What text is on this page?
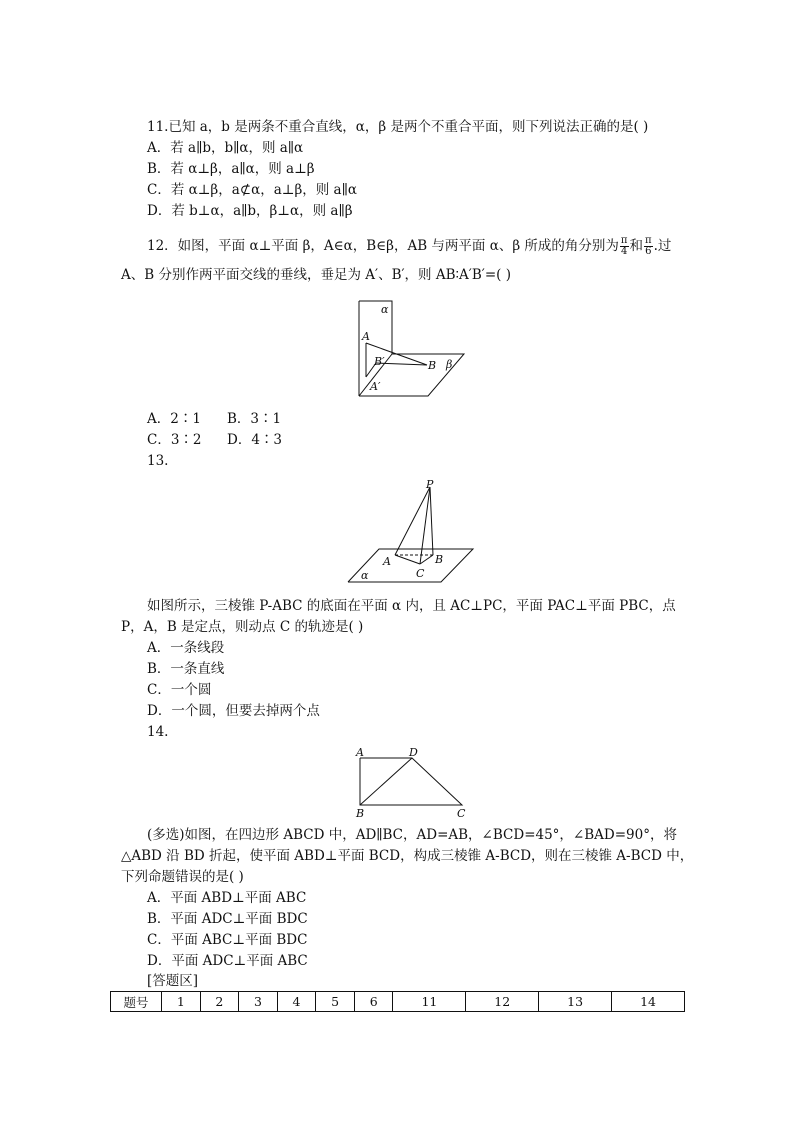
11.已知 a，b 是两条不重合直线，α，β 是两个不重合平面，则下列说法正确的是( )
A．若 a∥b，b∥α，则 a∥α
B．若 α⊥β，a∥α，则 a⊥β
C．若 α⊥β，a⊄α，a⊥β，则 a∥α
D．若 b⊥α，a∥b，β⊥α，则 a∥β
12．如图，平面 α⊥平面 β，A∈α，B∈β，AB 与两平面 α、β 所成的角分别为 $\frac{\pi}{4}$ 和 $\frac{\pi}{6}$ .过
A、B 分别作两平面交线的垂线，垂足为 A′、B′，则 AB∶A′B′=( )
α
A
B′	B β
A′
A．2∶1 B．3∶1
C．3∶2 D．4∶3
13.
P
A	B
C
α
如图所示，三棱锥 P-ABC 的底面在平面 α 内，且 AC⊥PC，平面 PAC⊥平面 PBC，点
P，A，B 是定点，则动点 C 的轨迹是( )
A．一条线段
B．一条直线
C．一个圆
D．一个圆，但要去掉两个点
14.
A	D
B	C
(多选)如图，在四边形 ABCD 中，AD∥BC，AD=AB，∠BCD=45°，∠BAD=90°，将
△ABD 沿 BD 折起，使平面 ABD⊥平面 BCD，构成三棱锥 A-BCD，则在三棱锥 A-BCD 中，
下列命题错误的是( )
A．平面 ABD⊥平面 ABC
B．平面 ADC⊥平面 BDC
C．平面 ABC⊥平面 BDC
D．平面 ADC⊥平面 ABC
[答题区]
题号	1	2	3	4	5	6	11	12	13	14
